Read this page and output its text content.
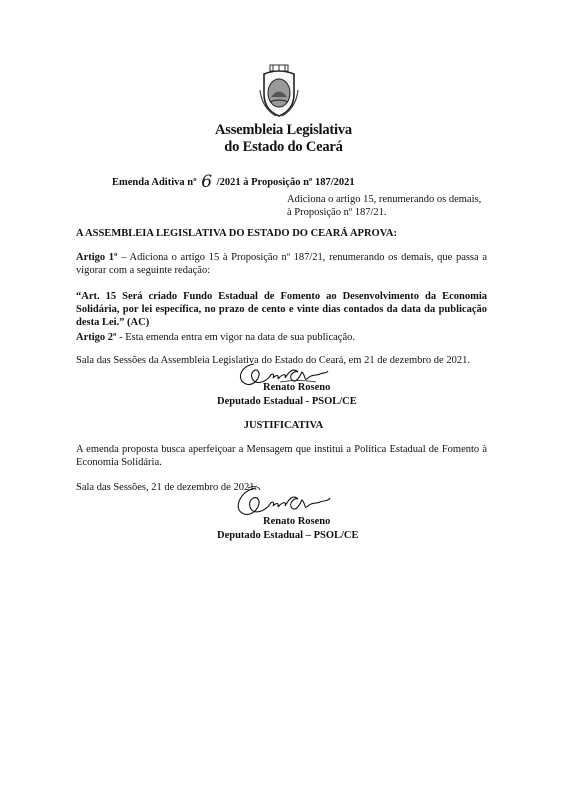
Assembleia Legislativa
do Estado do Ceará
Emenda Aditiva nº 6 /2021 à Proposição nº 187/2021
Adiciona o artigo 15, renumerando os demais, à Proposição nº 187/21.
A ASSEMBLEIA LEGISLATIVA DO ESTADO DO CEARÁ APROVA:
Artigo 1º – Adiciona o artigo 15 à Proposição nº 187/21, renumerando os demais, que passa a vigorar com a seguinte redação:
“Art. 15 Será criado Fundo Estadual de Fomento ao Desenvolvimento da Economia Solidária, por lei específica, no prazo de cento e vinte dias contados da data da publicação desta Lei.” (AC)
Artigo 2º - Esta emenda entra em vigor na data de sua publicação.
Sala das Sessões da Assembleia Legislativa do Estado do Ceará, em 21 de dezembro de 2021.
Renato Roseno
Deputado Estadual - PSOL/CE
JUSTIFICATIVA
A emenda proposta busca aperfeiçoar a Mensagem que institui a Política Estadual de Fomento à Economia Solidária.
Sala das Sessões, 21 de dezembro de 2021.
Renato Roseno
Deputado Estadual – PSOL/CE
